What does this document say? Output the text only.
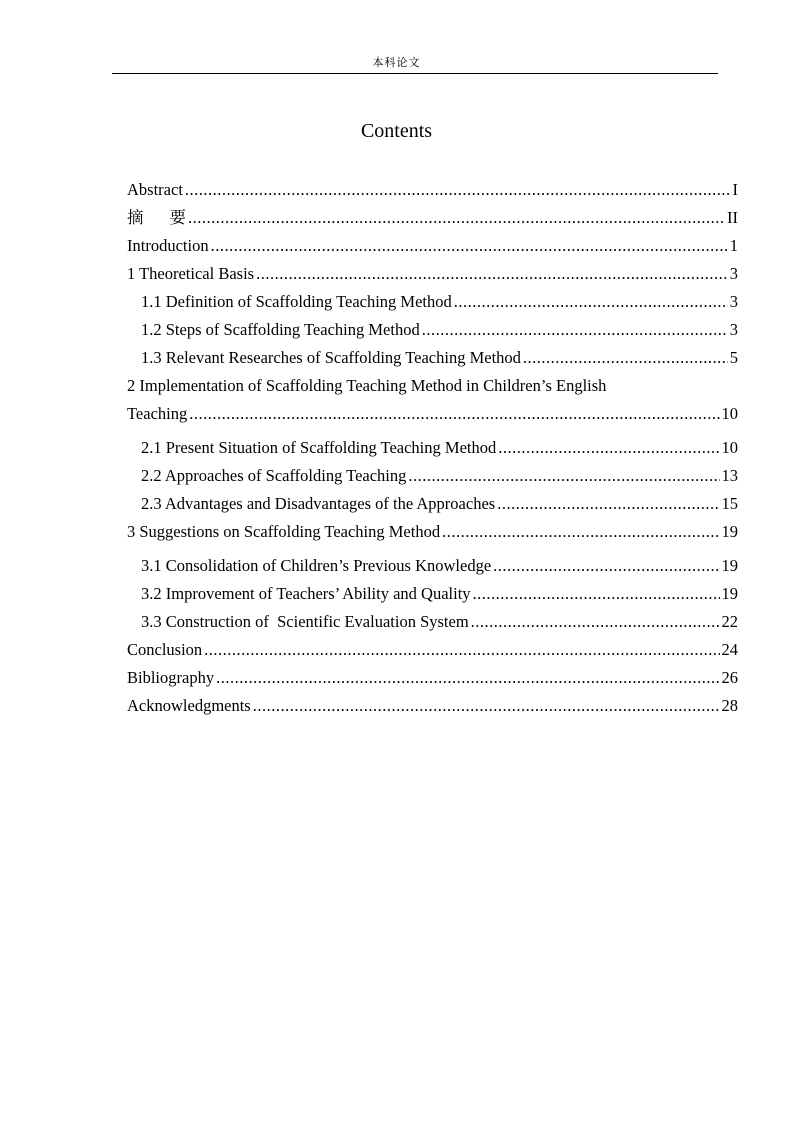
本科论文
Contents
Abstract .....	I
摘 要 .....	II
Introduction .....	1
1 Theoretical Basis .....	3
1.1 Definition of Scaffolding Teaching Method .....	3
1.2 Steps of Scaffolding Teaching Method .....	3
1.3 Relevant Researches of Scaffolding Teaching Method .....	5
2 Implementation of Scaffolding Teaching Method in Children’s English
Teaching .....	10
2.1 Present Situation of Scaffolding Teaching Method .....	10
2.2 Approaches of Scaffolding Teaching .....	13
2.3 Advantages and Disadvantages of the Approaches .....	15
3 Suggestions on Scaffolding Teaching Method .....	19
3.1 Consolidation of Children’s Previous Knowledge .....	19
3.2 Improvement of Teachers’ Ability and Quality .....	19
3.3 Construction of  Scientific Evaluation System .....	22
Conclusion .....	24
Bibliography .....	26
Acknowledgments .....	28
